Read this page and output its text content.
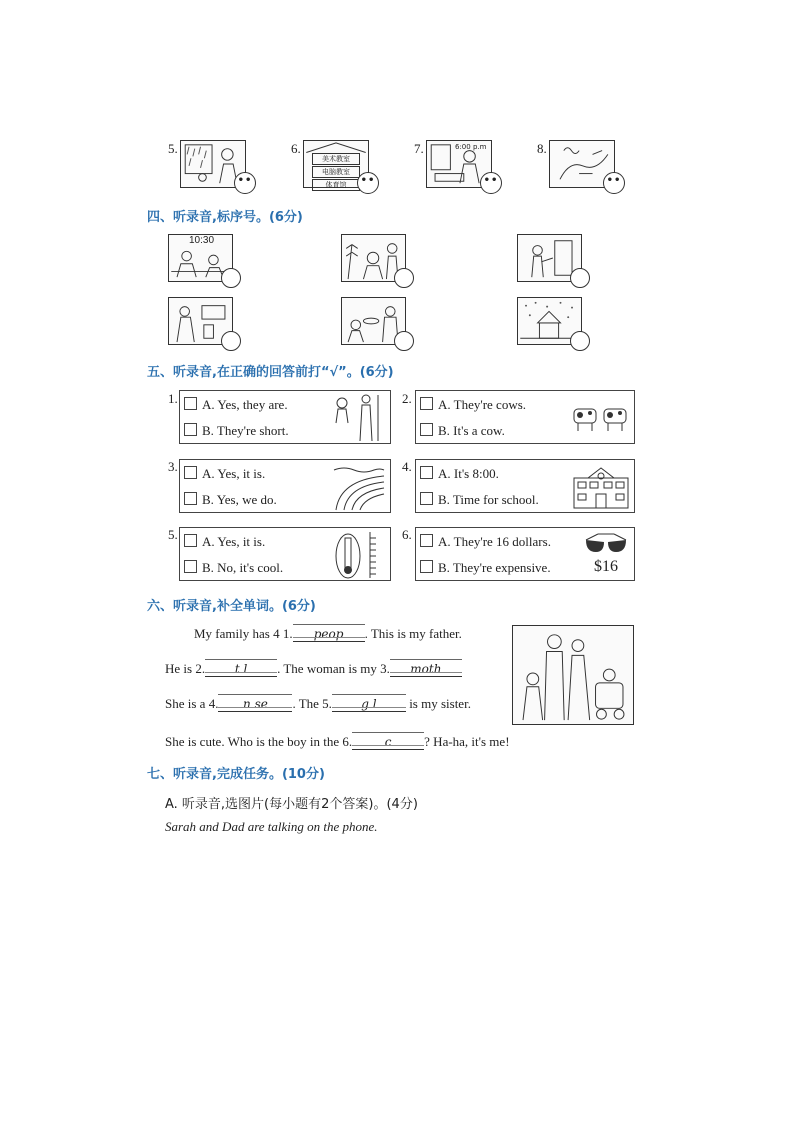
5.
••
6.
美术教室
电脑教室
体育馆	••
7.	6:00 p.m
••
8.
••
四、听录音,标序号。(6分)
10:30
五、听录音,在正确的回答前打“√”。(6分)
1.	A. Yes, they are.
B. They're short.
2.	A. They're cows.
B. It's a cow.
3.	A. Yes, it is.
B. Yes, we do.
4.	A. It's 8:00.
B. Time for school.
5.	A. Yes, it is.
B. No, it's cool.
6.	A. They're 16 dollars.
B. They're expensive.	$16
六、听录音,补全单词。(6分)
My family has 4 1. peop . This is my father.
He is 2. t l . The woman is my 3. moth
She is a 4. n se . The 5. g l	is my sister.
She is cute. Who is the boy in the 6.	c	? Ha-ha, it's me!
七、听录音,完成任务。(10分)
A. 听录音,选图片(每小题有2个答案)。(4分)
Sarah and Dad are talking on the phone.
